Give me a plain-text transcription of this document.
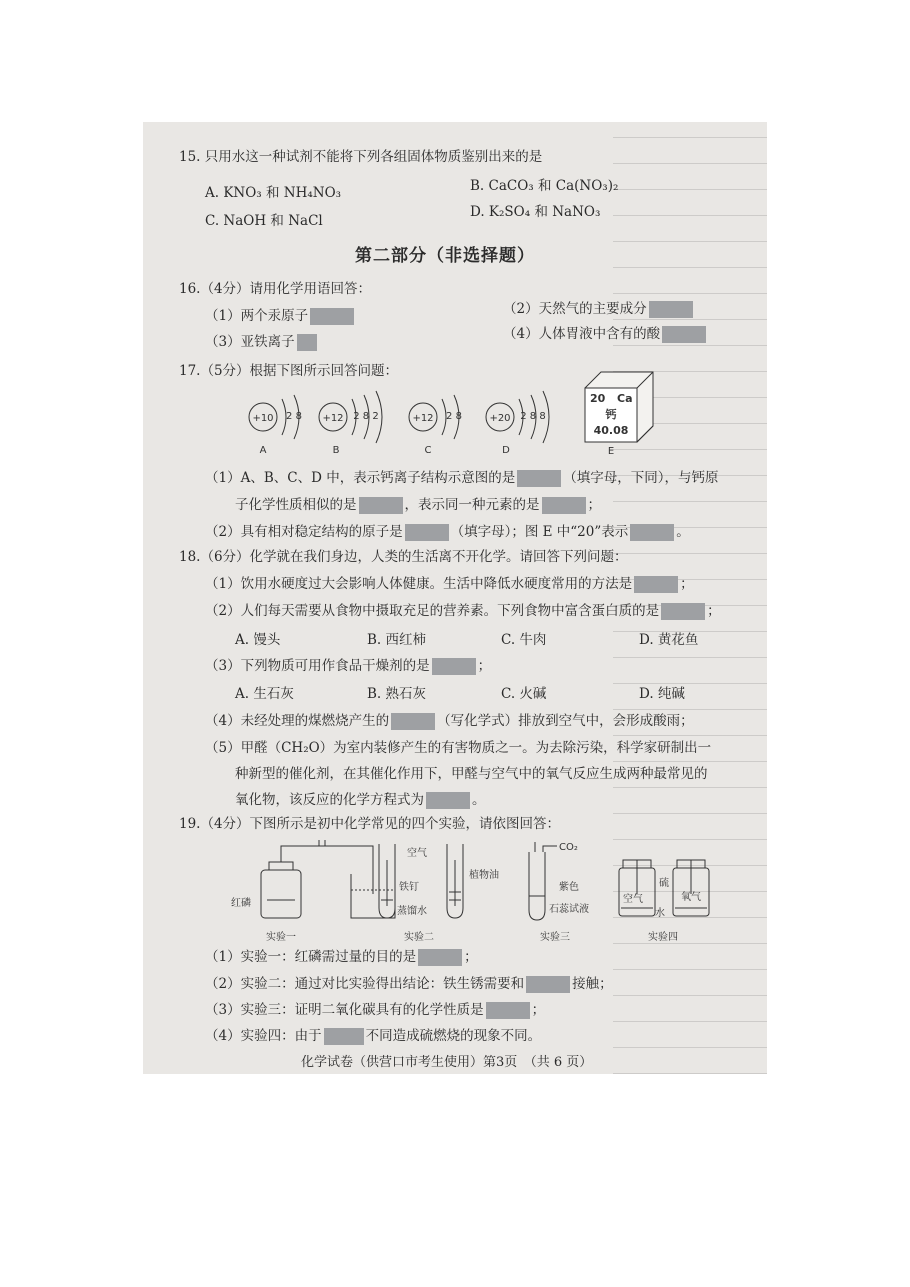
15. 只用水这一种试剂不能将下列各组固体物质鉴别出来的是
A. KNO₃ 和 NH₄NO₃	B. CaCO₃ 和 Ca(NO₃)₂
C. NaOH 和 NaCl
D. K₂SO₄ 和 NaNO₃
第二部分（非选择题）
16.（4分）请用化学用语回答：
（1）两个汞原子	（2）天然气的主要成分
（3）亚铁离子	（4）人体胃液中含有的酸
17.（5分）根据下图所示回答问题：
+10 2 8
A
+12 2 8 2
B
+12 2 8
C
+20 2 8 8
D
20 Ca
钙
40.08
E
（1）A、B、C、D 中，表示钙离子结构示意图的是	（填字母，下同），与钙原
子化学性质相似的是	，表示同一种元素的是	；
（2）具有相对稳定结构的原子是	（填字母）；图 E 中“20”表示	。
18.（6分）化学就在我们身边，人类的生活离不开化学。请回答下列问题：
（1）饮用水硬度过大会影响人体健康。生活中降低水硬度常用的方法是	；
（2）人们每天需要从食物中摄取充足的营养素。下列食物中富含蛋白质的是	；
A. 馒头	B. 西红柿	C. 牛肉	D. 黄花鱼
（3）下列物质可用作食品干燥剂的是	；
A. 生石灰	B. 熟石灰	C. 火碱	D. 纯碱
（4）未经处理的煤燃烧产生的	（写化学式）排放到空气中，会形成酸雨；
（5）甲醛（CH₂O）为室内装修产生的有害物质之一。为去除污染，科学家研制出一
种新型的催化剂，在其催化作用下，甲醛与空气中的氧气反应生成两种最常见的
氧化物，该反应的化学方程式为	。
19.（4分）下图所示是初中化学常见的四个实验，请依图回答：
红磷
实验一
空气
铁钉
蒸馏水
植物油
实验二
CO₂
紫色
石蕊试液
实验三
硫
空气	氧气
水
实验四
（1）实验一：红磷需过量的目的是	；
（2）实验二：通过对比实验得出结论：铁生锈需要和	接触；
（3）实验三：证明二氧化碳具有的化学性质是	；
（4）实验四：由于	不同造成硫燃烧的现象不同。
化学试卷（供营口市考生使用）第3页　（共 6 页）
